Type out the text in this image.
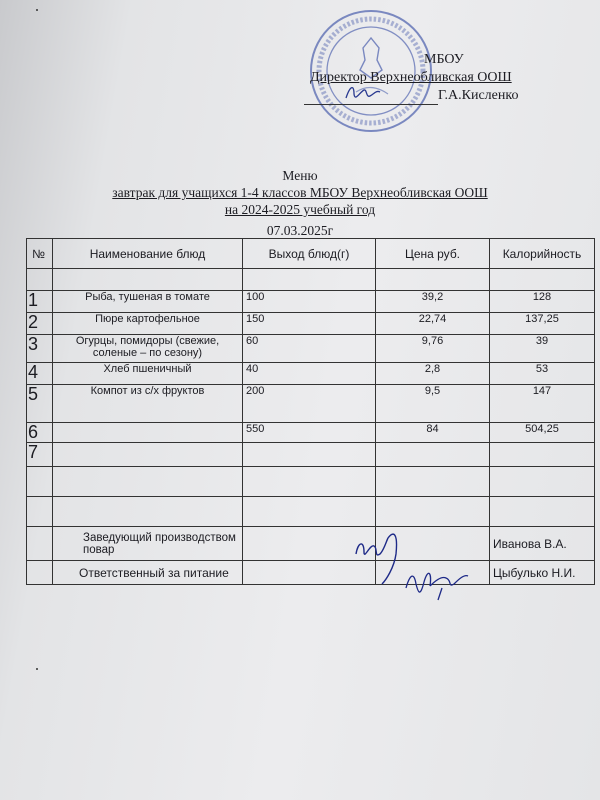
МБОУ
Директор Верхнеобливская ООШ
Г.А.Кисленко
Меню
завтрак для учащихся 1-4 классов МБОУ Верхнеобливская ООШ
на 2024-2025 учебный год
07.03.2025г
№	Наименование блюд	Выход блюд(г)	Цена руб.	Калорийность

1	Рыба, тушеная в томате	100	39,2	128
2	Пюре картофельное	150	22,74	137,25
3	Огурцы, помидоры (свежие, соленые – по сезону)	60	9,76	39
4	Хлеб пшеничный	40	2,8	53
5	Компот из с/х фруктов	200	9,5	147
6		550	84	504,25
7				

	Заведующий производством повар			Иванова В.А.
	Ответственный за питание			Цыбулько Н.И.
